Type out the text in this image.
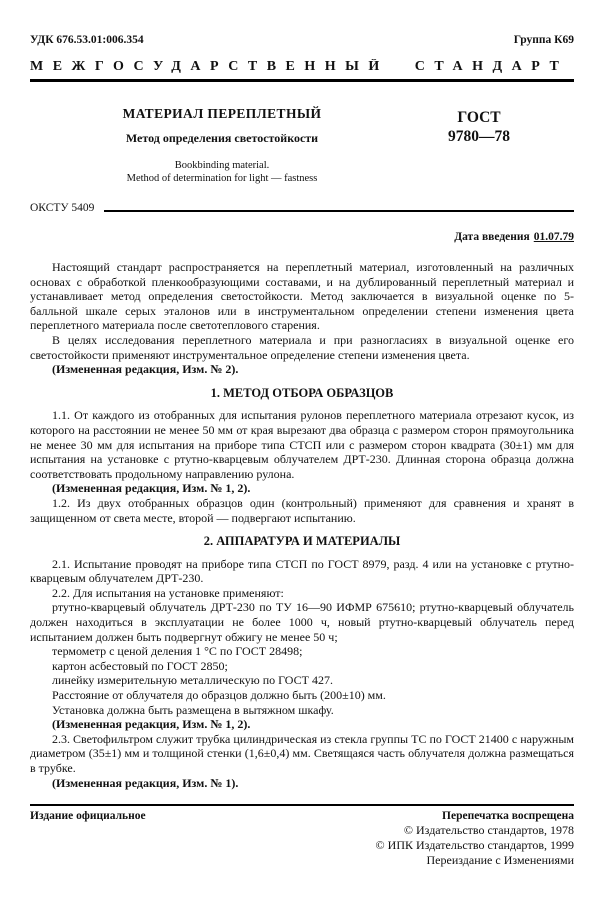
УДК 676.53.01:006.354	Группа К69
МЕЖГОСУДАРСТВЕННЫЙ СТАНДАРТ
МАТЕРИАЛ ПЕРЕПЛЕТНЫЙ
Метод определения светостойкости
Bookbinding material.
Method of determination for light — fastness
ГОСТ
9780—78
ОКСТУ 5409
Дата введения 01.07.79

Настоящий стандарт распространяется на переплетный материал, изготовленный на различных основах с обработкой пленкообразующими составами, и на дублированный переплетный материал и устанавливает метод определения светостойкости. Метод заключается в визуальной оценке по 5-балльной шкале серых эталонов или в инструментальном определении степени изменения цвета переплетного материала после светотеплового старения.

В целях исследования переплетного материала и при разногласиях в визуальной оценке его светостойкости применяют инструментальное определение степени изменения цвета.

(Измененная редакция, Изм. № 2).

1. МЕТОД ОТБОРА ОБРАЗЦОВ

1.1. От каждого из отобранных для испытания рулонов переплетного материала отрезают кусок, из которого на расстоянии не менее 50 мм от края вырезают два образца с размером сторон прямоугольника не менее 30 мм для испытания на приборе типа СТСП или с размером сторон квадрата (30±1) мм для испытания на установке с ртутно-кварцевым облучателем ДРТ-230. Длинная сторона образца должна соответствовать продольному направлению рулона.

(Измененная редакция, Изм. № 1, 2).

1.2. Из двух отобранных образцов один (контрольный) применяют для сравнения и хранят в защищенном от света месте, второй — подвергают испытанию.

2. АППАРАТУРА И МАТЕРИАЛЫ

2.1. Испытание проводят на приборе типа СТСП по ГОСТ 8979, разд. 4 или на установке с ртутно-кварцевым облучателем ДРТ-230.

2.2. Для испытания на установке применяют:

ртутно-кварцевый облучатель ДРТ-230 по ТУ 16—90 ИФМР 675610; ртутно-кварцевый облучатель должен находиться в эксплуатации не более 1000 ч, новый ртутно-кварцевый облучатель перед испытанием должен быть подвергнут обжигу не менее 50 ч;

термометр с ценой деления 1 °С по ГОСТ 28498;

картон асбестовый по ГОСТ 2850;

линейку измерительную металлическую по ГОСТ 427.

Расстояние от облучателя до образцов должно быть (200±10) мм.

Установка должна быть размещена в вытяжном шкафу.

(Измененная редакция, Изм. № 1, 2).

2.3. Светофильтром служит трубка цилиндрическая из стекла группы ТС по ГОСТ 21400 с наружным диаметром (35±1) мм и толщиной стенки (1,6±0,4) мм. Светящаяся часть облучателя должна размещаться в трубке.

(Измененная редакция, Изм. № 1).

Издание официальное	Перепечатка воспрещена
© Издательство стандартов, 1978
© ИПК Издательство стандартов, 1999
Переиздание с Изменениями
